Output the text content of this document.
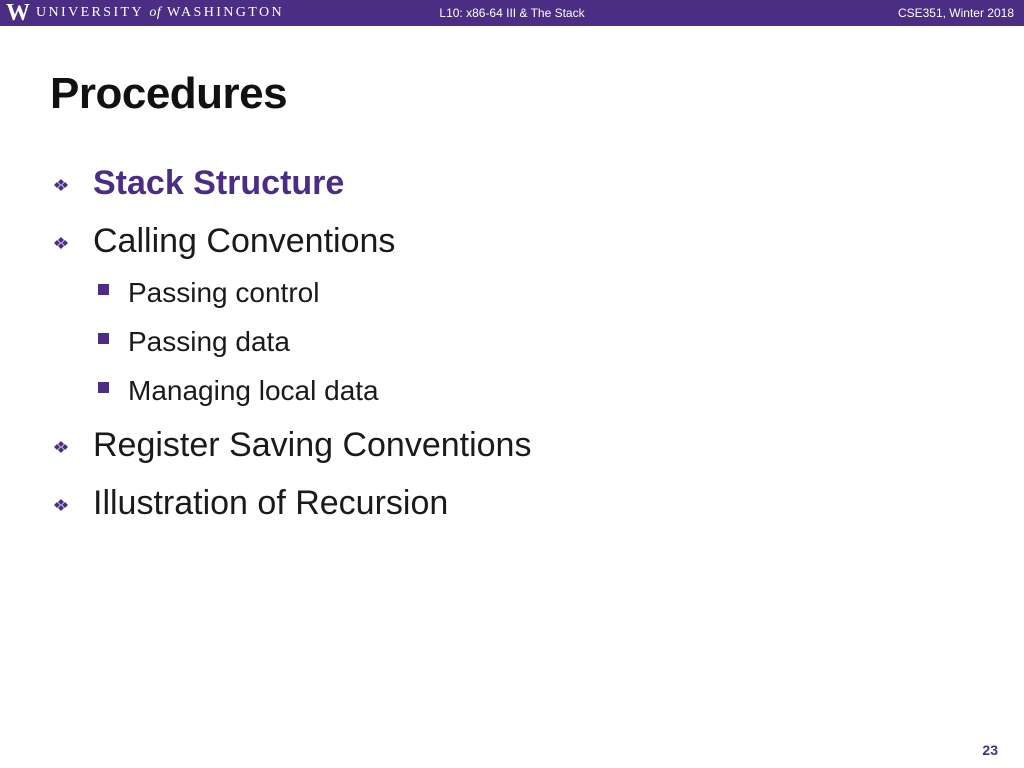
W UNIVERSITY of WASHINGTON	L10: x86-64 III & The Stack	CSE351, Winter 2018
Procedures
Stack Structure
Calling Conventions
Passing control
Passing data
Managing local data
Register Saving Conventions
Illustration of Recursion
23
